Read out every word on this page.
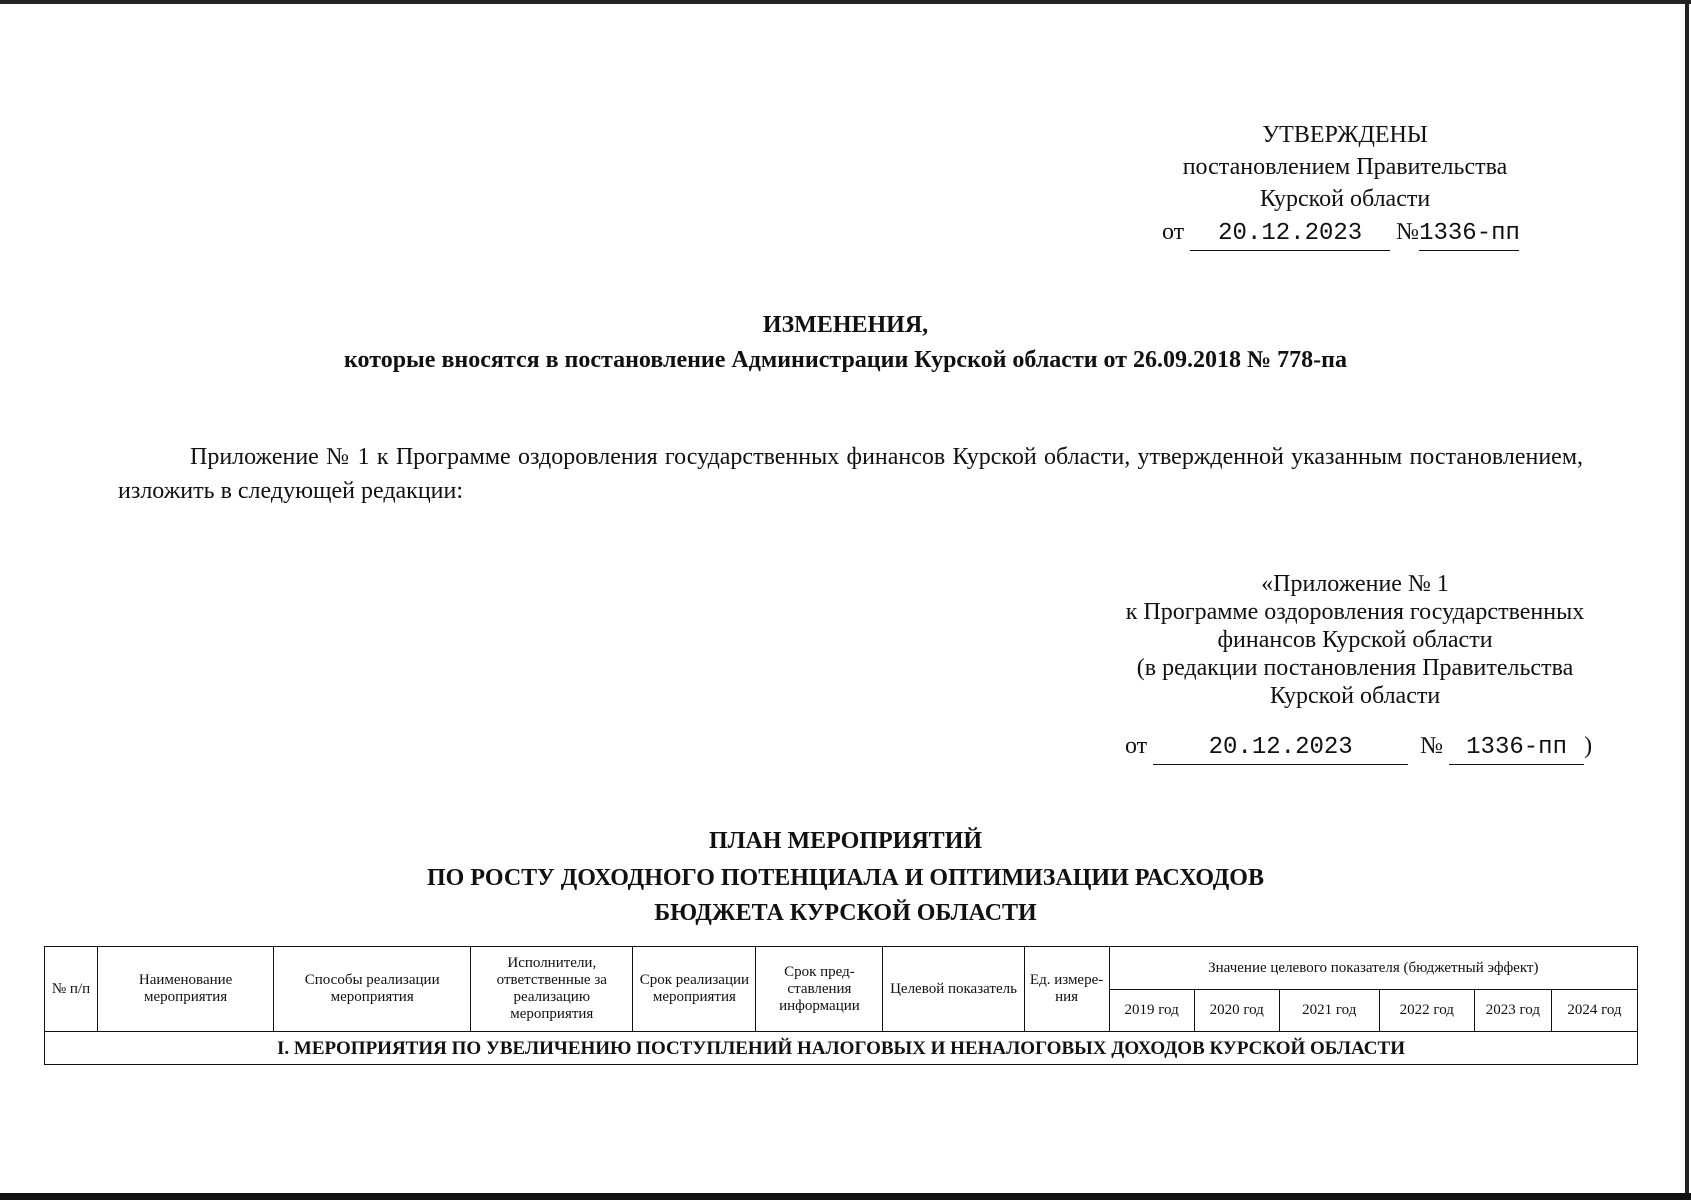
УТВЕРЖДЕНЫ
постановлением Правительства
Курской области
от 20.12.2023 №1336-пп
ИЗМЕНЕНИЯ,
которые вносятся в постановление Администрации Курской области от 26.09.2018 № 778-па
Приложение № 1 к Программе оздоровления государственных финансов Курской области, утвержденной указанным постановлением, изложить в следующей редакции:
«Приложение № 1
к Программе оздоровления государственных
финансов Курской области
(в редакции постановления Правительства
Курской области
от	20.12.2023	№ 1336-пп )
ПЛАН МЕРОПРИЯТИЙ
ПО РОСТУ ДОХОДНОГО ПОТЕНЦИАЛА И ОПТИМИЗАЦИИ РАСХОДОВ
БЮДЖЕТА КУРСКОЙ ОБЛАСТИ
№ п/п	Наименование мероприятия	Способы реализации мероприятия	Исполнители, ответственные за реализацию мероприятия	Срок реализации мероприятия	Срок пред-ставления информации	Целевой показатель	Ед. измере-ния	Значение целевого показателя (бюджетный эффект)					
								2019 год	2020 год	2021 год	2022 год	2023 год	2024 год
I. МЕРОПРИЯТИЯ ПО УВЕЛИЧЕНИЮ ПОСТУПЛЕНИЙ НАЛОГОВЫХ И НЕНАЛОГОВЫХ ДОХОДОВ КУРСКОЙ ОБЛАСТИ													
